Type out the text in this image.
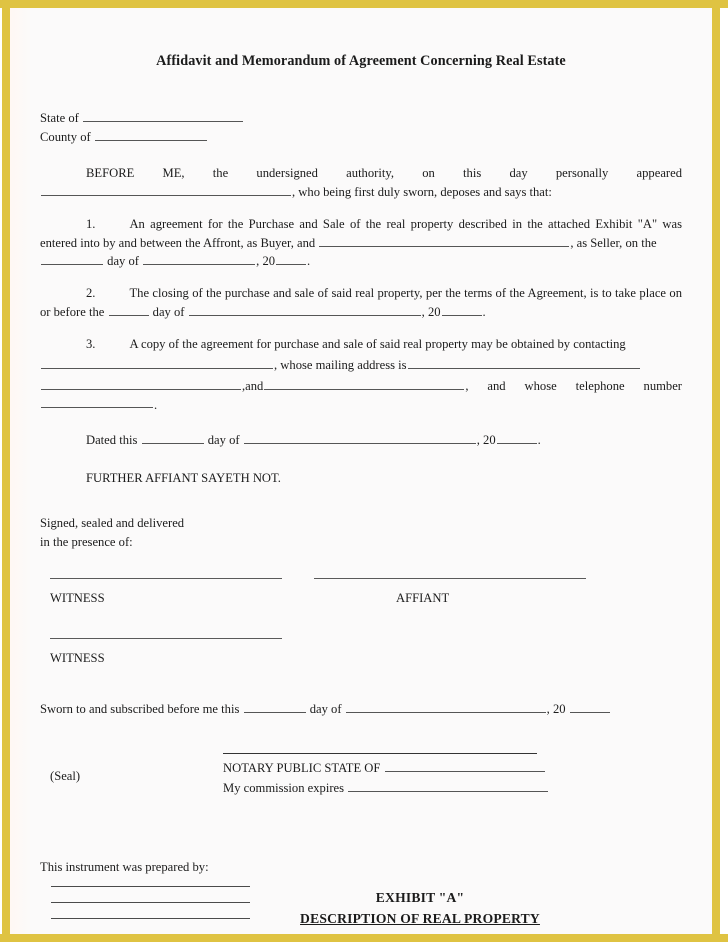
Affidavit and Memorandum of Agreement Concerning Real Estate
State of
County of
BEFORE ME, the undersigned authority, on this day personally appeared , who being first duly sworn, deposes and says that:
1.	An agreement for the Purchase and Sale of the real property described in the attached Exhibit "A" was entered into by and between the Affront, as Buyer, and	, as Seller, on the
day of	, 20	.
2.	The closing of the purchase and sale of said real property, per the terms of the Agreement, is to take place on or before the	day of	, 20	.
3.	A copy of the agreement for purchase and sale of said real property may be obtained by contacting
, whose mailing address is
,and	, and whose telephone number.
Dated this	day of	, 20	.
FURTHER AFFIANT SAYETH NOT.
Signed, sealed and delivered
in the presence of:
WITNESS	AFFIANT
WITNESS
Sworn to and subscribed before me this	day of	, 20
(Seal)
NOTARY PUBLIC STATE OF
My commission expires
This instrument was prepared by:
EXHIBIT "A"
DESCRIPTION OF REAL PROPERTY
